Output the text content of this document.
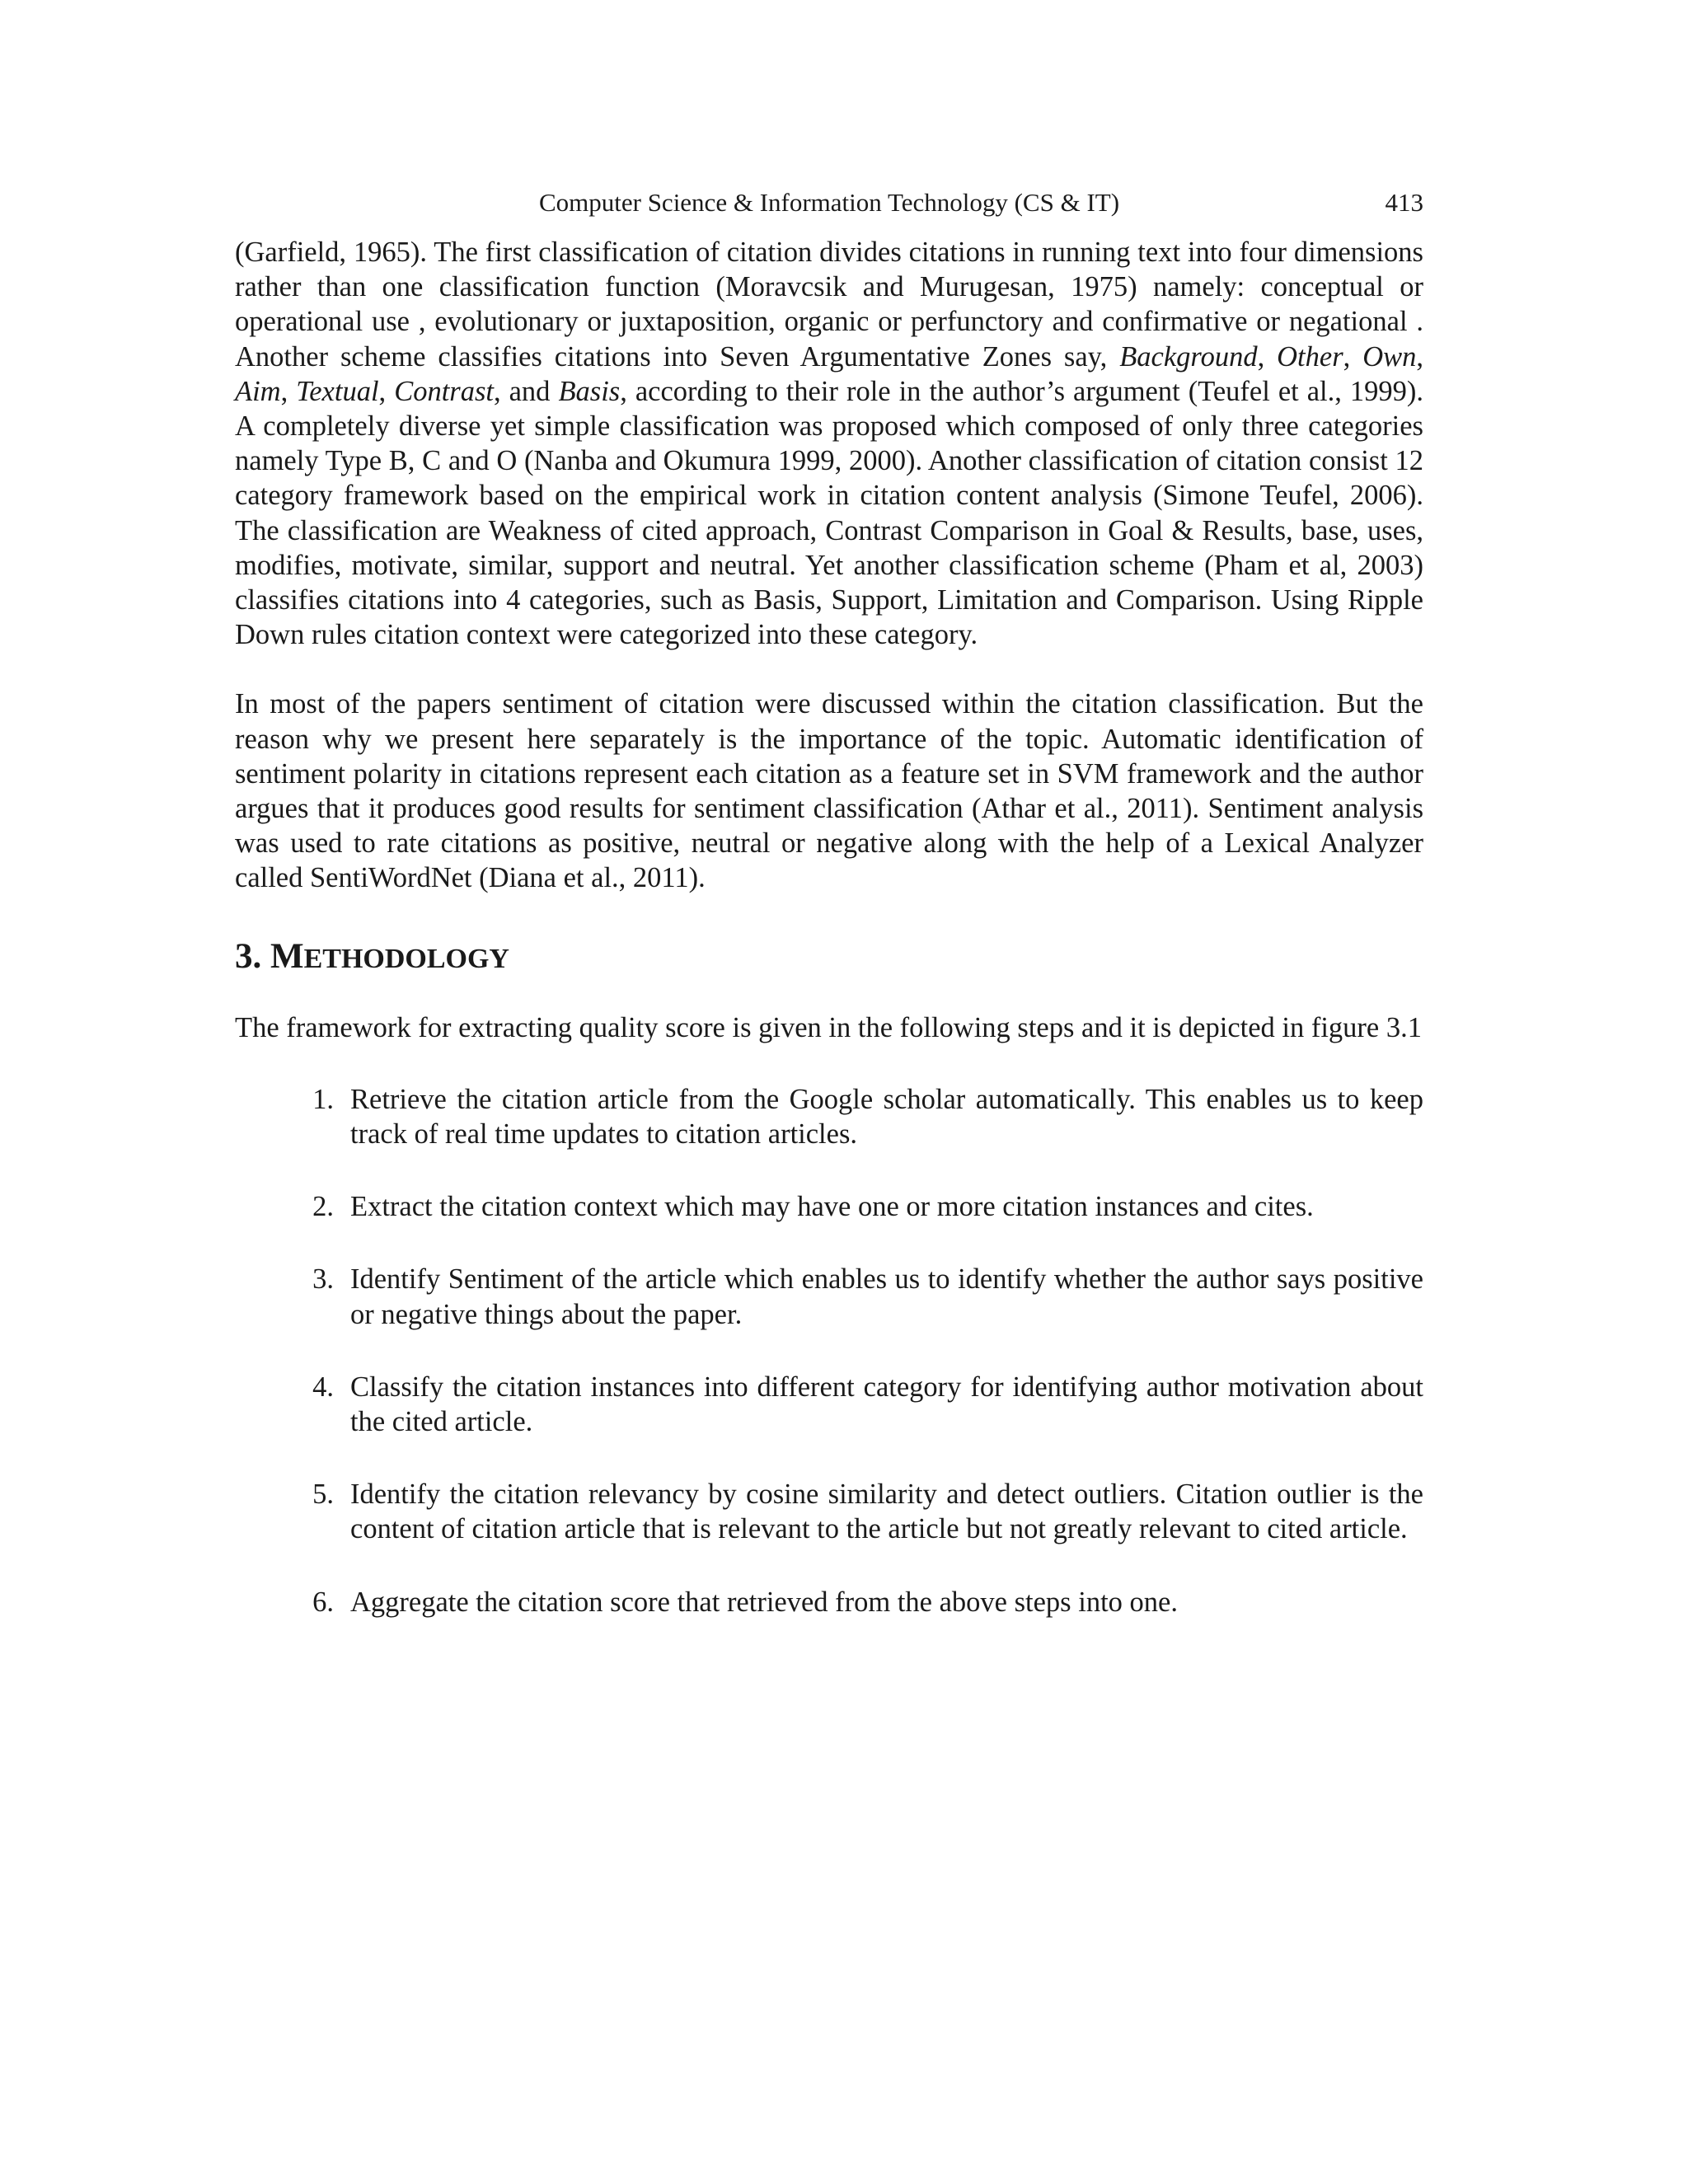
Computer Science & Information Technology (CS & IT)	413

(Garfield, 1965). The first classification of citation divides citations in running text into four dimensions rather than one classification function (Moravcsik and Murugesan, 1975) namely: conceptual or operational use , evolutionary or juxtaposition, organic or perfunctory and confirmative or negational . Another scheme classifies citations into Seven Argumentative Zones say, Background, Other, Own, Aim, Textual, Contrast, and Basis, according to their role in the author’s argument (Teufel et al., 1999). A completely diverse yet simple classification was proposed which composed of only three categories namely Type B, C and O (Nanba and Okumura 1999, 2000). Another classification of citation consist 12 category framework based on the empirical work in citation content analysis (Simone Teufel, 2006). The classification are Weakness of cited approach, Contrast Comparison in Goal & Results, base, uses, modifies, motivate, similar, support and neutral. Yet another classification scheme (Pham et al, 2003) classifies citations into 4 categories, such as Basis, Support, Limitation and Comparison. Using Ripple Down rules citation context were categorized into these category.

In most of the papers sentiment of citation were discussed within the citation classification. But the reason why we present here separately is the importance of the topic. Automatic identification of sentiment polarity in citations represent each citation as a feature set in SVM framework and the author argues that it produces good results for sentiment classification (Athar et al., 2011). Sentiment analysis was used to rate citations as positive, neutral or negative along with the help of a Lexical Analyzer called SentiWordNet (Diana et al., 2011).

3. METHODOLOGY

The framework for extracting quality score is given in the following steps and it is depicted in figure 3.1

1. Retrieve the citation article from the Google scholar automatically. This enables us to keep track of real time updates to citation articles.
2. Extract the citation context which may have one or more citation instances and cites.
3. Identify Sentiment of the article which enables us to identify whether the author says positive or negative things about the paper.
4. Classify the citation instances into different category for identifying author motivation about the cited article.
5. Identify the citation relevancy by cosine similarity and detect outliers. Citation outlier is the content of citation article that is relevant to the article but not greatly relevant to cited article.
6. Aggregate the citation score that retrieved from the above steps into one.
